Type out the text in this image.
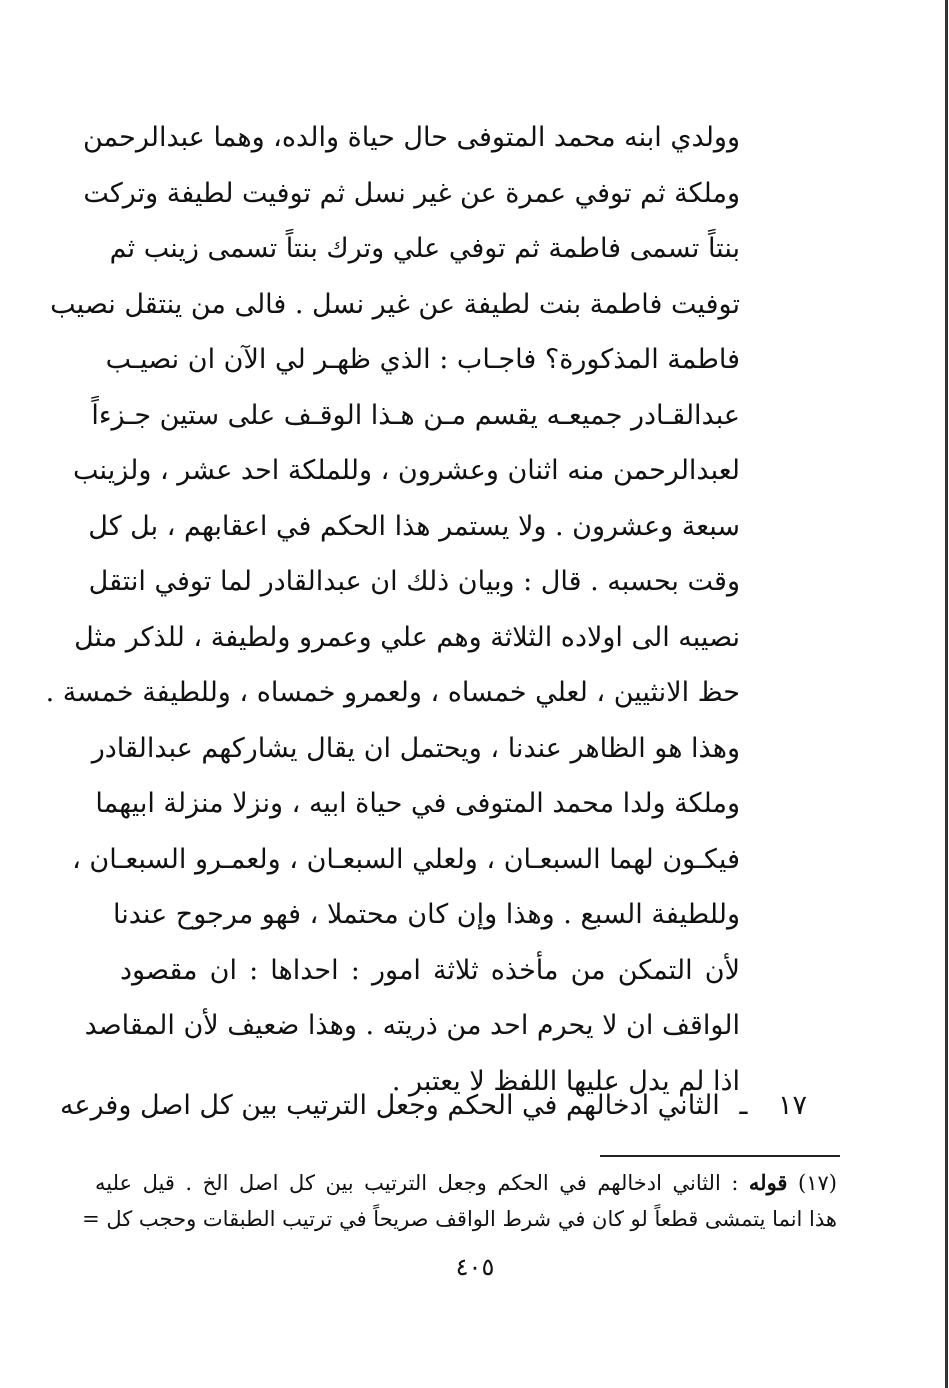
وولدي ابنه محمد المتوفى حال حياة والده، وهما عبدالرحمن
وملكة ثم توفي عمرة عن غير نسل ثم توفيت لطيفة وتركت
بنتاً تسمى فاطمة ثم توفي علي وترك بنتاً تسمى زينب ثم
توفيت فاطمة بنت لطيفة عن غير نسل . فالى من ينتقل نصيب
فاطمة المذكورة؟ فاجـاب : الذي ظهـر لي الآن ان نصيـب
عبدالقـادر جميعـه يقسم مـن هـذا الوقـف على ستين جـزءاً
لعبدالرحمن منه اثنان وعشرون ، وللملكة احد عشر ، ولزينب
سبعة وعشرون . ولا يستمر هذا الحكم في اعقابهم ، بل كل
وقت بحسبه . قال : وبيان ذلك ان عبدالقادر لما توفي انتقل
نصيبه الى اولاده الثلاثة وهم علي وعمرو ولطيفة ، للذكر مثل
حظ الانثيين ، لعلي خمساه ، ولعمرو خمساه ، وللطيفة خمسة .
وهذا هو الظاهر عندنا ، ويحتمل ان يقال يشاركهم عبدالقادر
وملكة ولدا محمد المتوفى في حياة ابيه ، ونزلا منزلة ابيهما
فيكـون لهما السبعـان ، ولعلي السبعـان ، ولعمـرو السبعـان ،
وللطيفة السبع . وهذا وإن كان محتملا ، فهو مرجوح عندنا
لأن التمكن من مأخذه ثلاثة امور : احداها : ان مقصود
الواقف ان لا يحرم احد من ذريته . وهذا ضعيف لأن المقاصد
اذا لم يدل عليها اللفظ لا يعتبر .
١٧ ـ الثاني ادخالهم في الحكم وجعل الترتيب بين كل اصل وفرعه
(١٧) قوله : الثاني ادخالهم في الحكم وجعل الترتيب بين كل اصل الخ . قيل عليه
هذا انما يتمشى قطعاً لو كان في شرط الواقف صريحاً في ترتيب الطبقات وحجب كل =
٤٠٥
